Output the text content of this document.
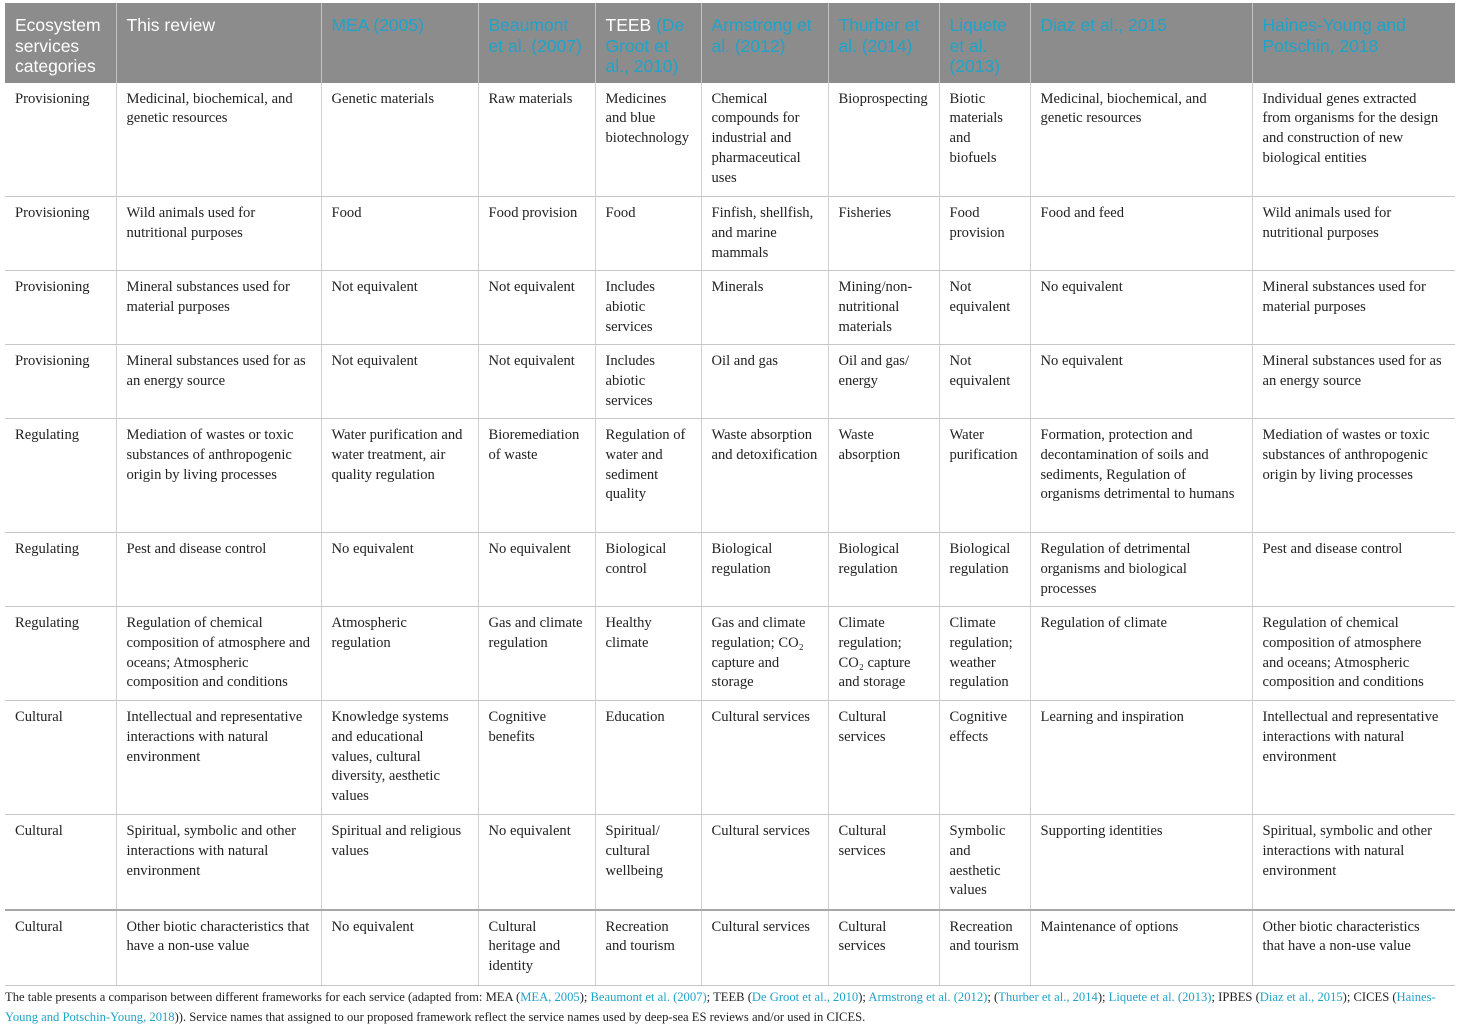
Ecosystem services categories	This review	MEA (2005)	Beaumont et al. (2007)	TEEB (De Groot et al., 2010)	Armstrong et al. (2012)	Thurber et al. (2014)	Liquete et al. (2013)	Diaz et al., 2015	Haines-Young and Potschin, 2018
Provisioning	Medicinal, biochemical, and genetic resources	Genetic materials	Raw materials	Medicines and blue biotechnology	Chemical compounds for industrial and pharmaceutical uses	Bioprospecting	Biotic materials and biofuels	Medicinal, biochemical, and genetic resources	Individual genes extracted from organisms for the design and construction of new biological entities
Provisioning	Wild animals used for nutritional purposes	Food	Food provision	Food	Finfish, shellfish, and marine mammals	Fisheries	Food provision	Food and feed	Wild animals used for nutritional purposes
Provisioning	Mineral substances used for material purposes	Not equivalent	Not equivalent	Includes abiotic services	Minerals	Mining/non-nutritional materials	Not equivalent	No equivalent	Mineral substances used for material purposes
Provisioning	Mineral substances used for as an energy source	Not equivalent	Not equivalent	Includes abiotic services	Oil and gas	Oil and gas/ energy	Not equivalent	No equivalent	Mineral substances used for as an energy source
Regulating	Mediation of wastes or toxic substances of anthropogenic origin by living processes	Water purification and water treatment, air quality regulation	Bioremediation of waste	Regulation of water and sediment quality	Waste absorption and detoxification	Waste absorption	Water purification	Formation, protection and decontamination of soils and sediments, Regulation of organisms detrimental to humans	Mediation of wastes or toxic substances of anthropogenic origin by living processes
Regulating	Pest and disease control	No equivalent	No equivalent	Biological control	Biological regulation	Biological regulation	Biological regulation	Regulation of detrimental organisms and biological processes	Pest and disease control
Regulating	Regulation of chemical composition of atmosphere and oceans; Atmospheric composition and conditions	Atmospheric regulation	Gas and climate regulation	Healthy climate	Gas and climate regulation; CO₂ capture and storage	Climate regulation; CO₂ capture and storage	Climate regulation; weather regulation	Regulation of climate	Regulation of chemical composition of atmosphere and oceans; Atmospheric composition and conditions
Cultural	Intellectual and representative interactions with natural environment	Knowledge systems and educational values, cultural diversity, aesthetic values	Cognitive benefits	Education	Cultural services	Cultural services	Cognitive effects	Learning and inspiration	Intellectual and representative interactions with natural environment
Cultural	Spiritual, symbolic and other interactions with natural environment	Spiritual and religious values	No equivalent	Spiritual/ cultural wellbeing	Cultural services	Cultural services	Symbolic and aesthetic values	Supporting identities	Spiritual, symbolic and other interactions with natural environment
Cultural	Other biotic characteristics that have a non-use value	No equivalent	Cultural heritage and identity	Recreation and tourism	Cultural services	Cultural services	Recreation and tourism	Maintenance of options	Other biotic characteristics that have a non-use value
The table presents a comparison between different frameworks for each service (adapted from: MEA (MEA, 2005); Beaumont et al. (2007); TEEB (De Groot et al., 2010); Armstrong et al. (2012); (Thurber et al., 2014); Liquete et al. (2013); IPBES (Diaz et al., 2015); CICES (Haines-Young and Potschin-Young, 2018)). Service names that assigned to our proposed framework reflect the service names used by deep-sea ES reviews and/or used in CICES.
